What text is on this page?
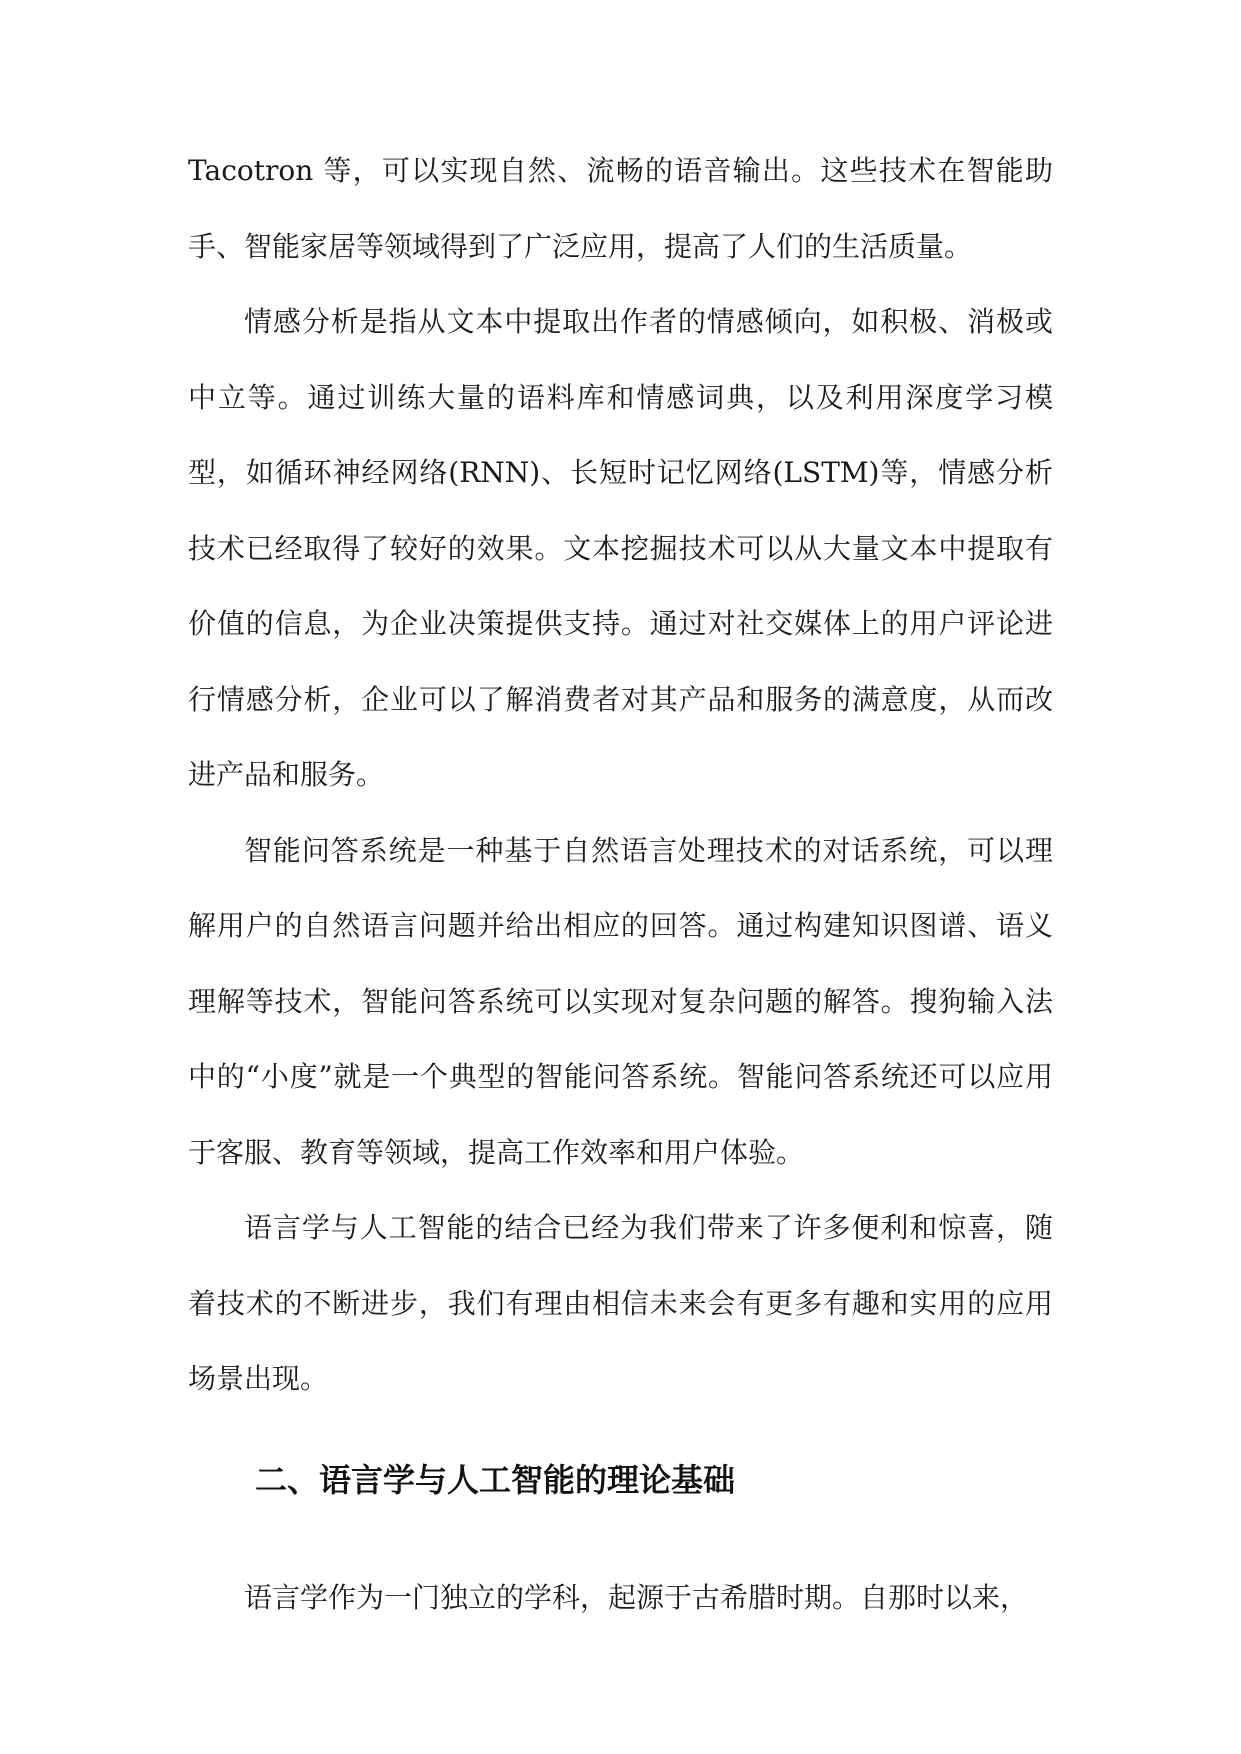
Tacotron 等，可以实现自然、流畅的语音输出。这些技术在智能助手、智能家居等领域得到了广泛应用，提高了人们的生活质量。

情感分析是指从文本中提取出作者的情感倾向，如积极、消极或中立等。通过训练大量的语料库和情感词典，以及利用深度学习模型，如循环神经网络(RNN)、长短时记忆网络(LSTM)等，情感分析技术已经取得了较好的效果。文本挖掘技术可以从大量文本中提取有价值的信息，为企业决策提供支持。通过对社交媒体上的用户评论进行情感分析，企业可以了解消费者对其产品和服务的满意度，从而改进产品和服务。

智能问答系统是一种基于自然语言处理技术的对话系统，可以理解用户的自然语言问题并给出相应的回答。通过构建知识图谱、语义理解等技术，智能问答系统可以实现对复杂问题的解答。搜狗输入法中的“小度”就是一个典型的智能问答系统。智能问答系统还可以应用于客服、教育等领域，提高工作效率和用户体验。

语言学与人工智能的结合已经为我们带来了许多便利和惊喜，随着技术的不断进步，我们有理由相信未来会有更多有趣和实用的应用场景出现。

二、语言学与人工智能的理论基础

语言学作为一门独立的学科，起源于古希腊时期。自那时以来，
